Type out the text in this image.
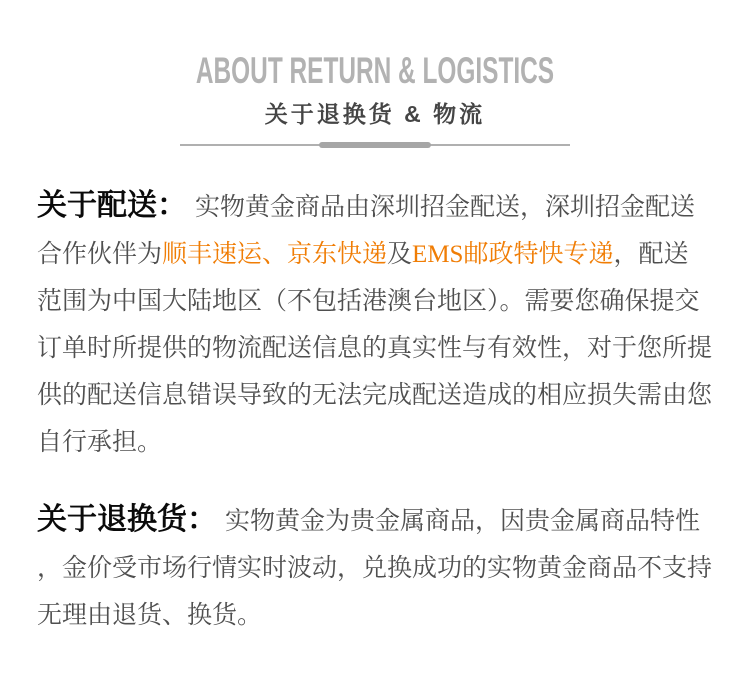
ABOUT RETURN & LOGISTICS
关于退换货 & 物流

关于配送： 实物黄金商品由深圳招金配送，深圳招金配送合作伙伴为顺丰速运、京东快递及EMS邮政特快专递，配送范围为中国大陆地区（不包括港澳台地区）。需要您确保提交订单时所提供的物流配送信息的真实性与有效性，对于您所提供的配送信息错误导致的无法完成配送造成的相应损失需由您自行承担。

关于退换货： 实物黄金为贵金属商品，因贵金属商品特性，金价受市场行情实时波动，兑换成功的实物黄金商品不支持无理由退货、换货。
